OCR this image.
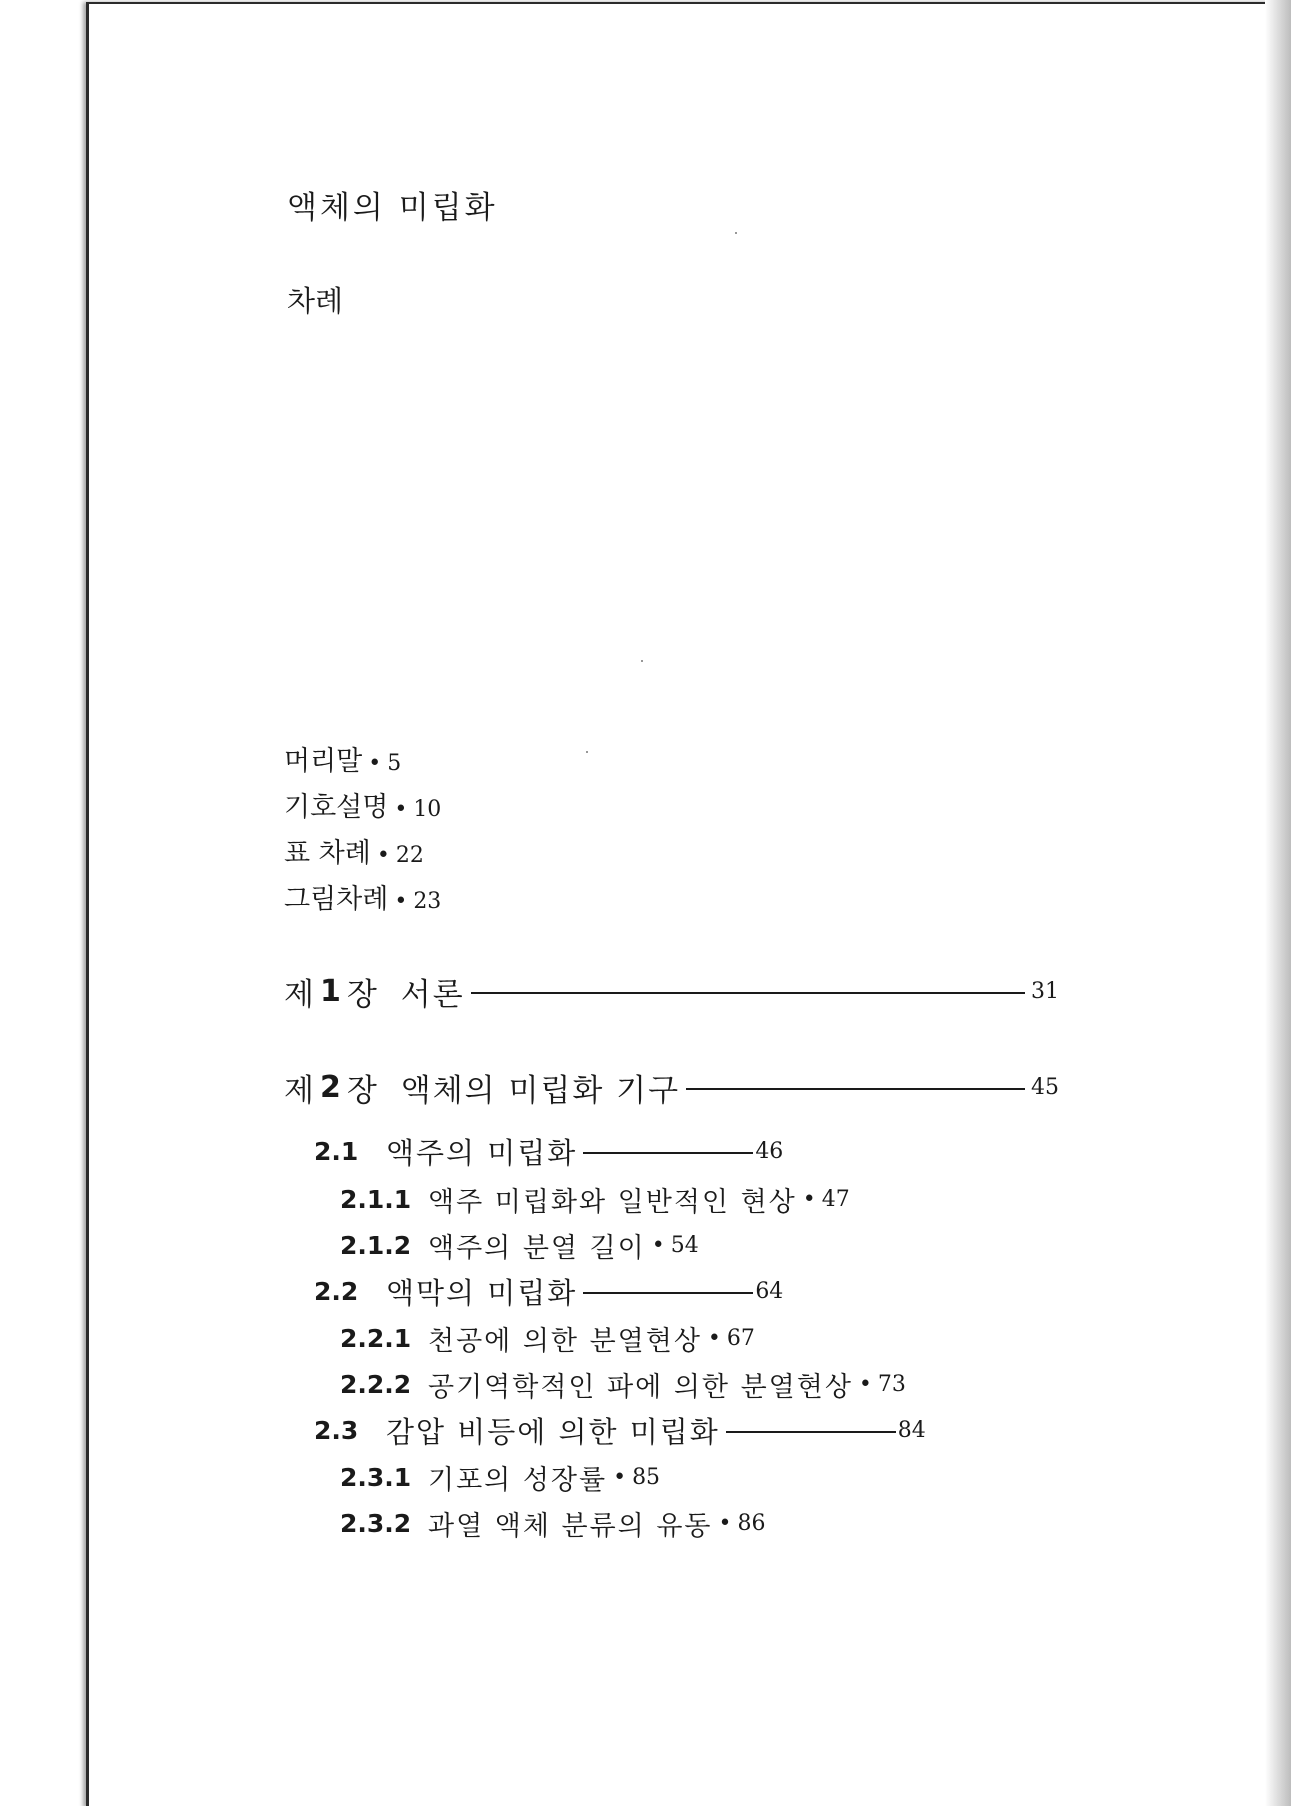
액체의 미립화
차례
머리말 • 5
기호설명 • 10
표 차례 • 22
그림차례 • 23
제 1 장 서론	31
제 2 장 액체의 미립화 기구	45
2.1 액주의 미립화	46
2.1.1 액주 미립화와 일반적인 현상 • 47
2.1.2 액주의 분열 길이 • 54
2.2 액막의 미립화	64
2.2.1 천공에 의한 분열현상 • 67
2.2.2 공기역학적인 파에 의한 분열현상 • 73
2.3 감압 비등에 의한 미립화	84
2.3.1 기포의 성장률 • 85
2.3.2 과열 액체 분류의 유동 • 86
